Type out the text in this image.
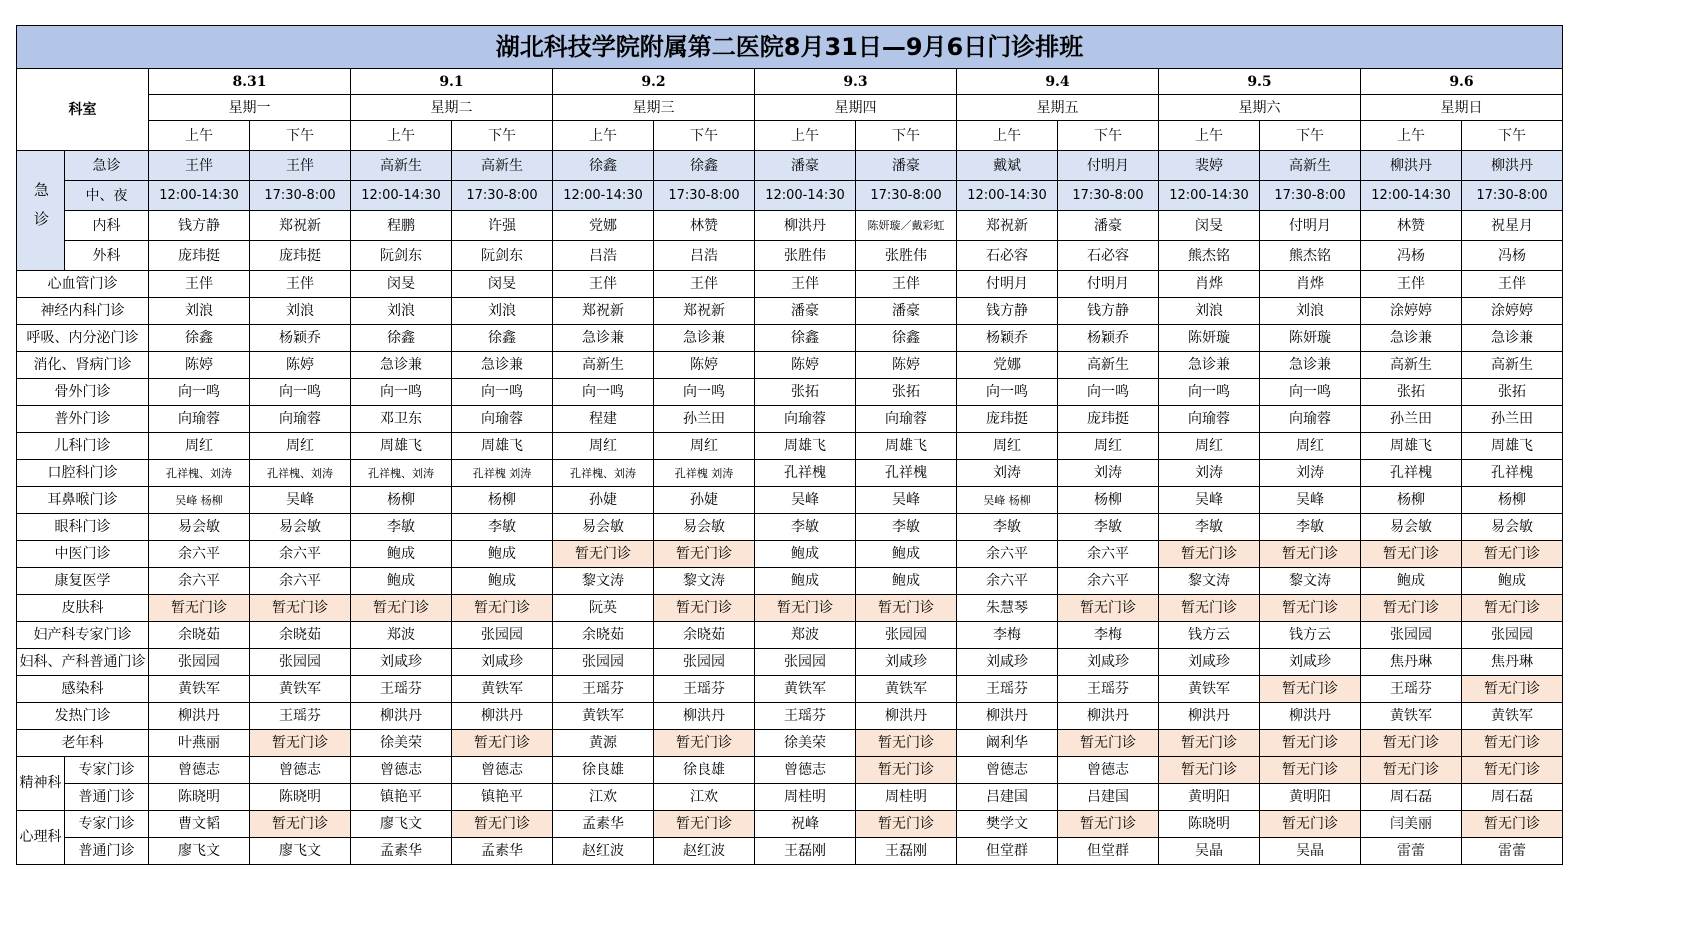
湖北科技学院附属第二医院8月31日—9月6日门诊排班															
科室		8.31		9.1		9.2		9.3		9.4		9.5		9.6	
		星期一		星期二		星期三		星期四		星期五		星期六		星期日	
		上午	下午	上午	下午	上午	下午	上午	下午	上午	下午	上午	下午	上午	下午
急诊	急诊	王伴	王伴	高新生	高新生	徐鑫	徐鑫	潘豪	潘豪	戴斌	付明月	裴婷	高新生	柳洪丹	柳洪丹
	中、夜	12:00-14:30	17:30-8:00	12:00-14:30	17:30-8:00	12:00-14:30	17:30-8:00	12:00-14:30	17:30-8:00	12:00-14:30	17:30-8:00	12:00-14:30	17:30-8:00	12:00-14:30	17:30-8:00
	内科	钱方静	郑祝新	程鹏	许强	党娜	林赞	柳洪丹	陈妍璇／戴彩虹	郑祝新	潘豪	闵旻	付明月	林赞	祝星月
	外科	庞玮挺	庞玮挺	阮剑东	阮剑东	吕浩	吕浩	张胜伟	张胜伟	石必容	石必容	熊杰铭	熊杰铭	冯杨	冯杨
心血管门诊		王伴	王伴	闵旻	闵旻	王伴	王伴	王伴	王伴	付明月	付明月	肖烨	肖烨	王伴	王伴
神经内科门诊		刘浪	刘浪	刘浪	刘浪	郑祝新	郑祝新	潘豪	潘豪	钱方静	钱方静	刘浪	刘浪	涂婷婷	涂婷婷
呼吸、内分泌门诊		徐鑫	杨颖乔	徐鑫	徐鑫	急诊兼	急诊兼	徐鑫	徐鑫	杨颖乔	杨颖乔	陈妍璇	陈妍璇	急诊兼	急诊兼
消化、肾病门诊		陈婷	陈婷	急诊兼	急诊兼	高新生	陈婷	陈婷	陈婷	党娜	高新生	急诊兼	急诊兼	高新生	高新生
骨外门诊		向一鸣	向一鸣	向一鸣	向一鸣	向一鸣	向一鸣	张拓	张拓	向一鸣	向一鸣	向一鸣	向一鸣	张拓	张拓
普外门诊		向瑜蓉	向瑜蓉	邓卫东	向瑜蓉	程建	孙兰田	向瑜蓉	向瑜蓉	庞玮挺	庞玮挺	向瑜蓉	向瑜蓉	孙兰田	孙兰田
儿科门诊		周红	周红	周雄飞	周雄飞	周红	周红	周雄飞	周雄飞	周红	周红	周红	周红	周雄飞	周雄飞
口腔科门诊		孔祥槐、刘涛	孔祥槐、刘涛	孔祥槐、刘涛	孔祥槐 刘涛	孔祥槐、刘涛	孔祥槐 刘涛	孔祥槐	孔祥槐	刘涛	刘涛	刘涛	刘涛	孔祥槐	孔祥槐
耳鼻喉门诊		吴峰 杨柳	吴峰	杨柳	杨柳	孙婕	孙婕	吴峰	吴峰	吴峰 杨柳	杨柳	吴峰	吴峰	杨柳	杨柳
眼科门诊		易会敏	易会敏	李敏	李敏	易会敏	易会敏	李敏	李敏	李敏	李敏	李敏	李敏	易会敏	易会敏
中医门诊		余六平	余六平	鲍成	鲍成	暂无门诊	暂无门诊	鲍成	鲍成	余六平	余六平	暂无门诊	暂无门诊	暂无门诊	暂无门诊
康复医学		余六平	余六平	鲍成	鲍成	黎文涛	黎文涛	鲍成	鲍成	余六平	余六平	黎文涛	黎文涛	鲍成	鲍成
皮肤科		暂无门诊	暂无门诊	暂无门诊	暂无门诊	阮英	暂无门诊	暂无门诊	暂无门诊	朱慧琴	暂无门诊	暂无门诊	暂无门诊	暂无门诊	暂无门诊
妇产科专家门诊		余晓茹	余晓茹	郑波	张园园	余晓茹	余晓茹	郑波	张园园	李梅	李梅	钱方云	钱方云	张园园	张园园
妇科、产科普通门诊		张园园	张园园	刘咸珍	刘咸珍	张园园	张园园	张园园	刘咸珍	刘咸珍	刘咸珍	刘咸珍	刘咸珍	焦丹琳	焦丹琳
感染科		黄铁军	黄铁军	王瑶芬	黄铁军	王瑶芬	王瑶芬	黄铁军	黄铁军	王瑶芬	王瑶芬	黄铁军	暂无门诊	王瑶芬	暂无门诊
发热门诊		柳洪丹	王瑶芬	柳洪丹	柳洪丹	黄铁军	柳洪丹	王瑶芬	柳洪丹	柳洪丹	柳洪丹	柳洪丹	柳洪丹	黄铁军	黄铁军
老年科		叶燕丽	暂无门诊	徐美荣	暂无门诊	黄源	暂无门诊	徐美荣	暂无门诊	阚利华	暂无门诊	暂无门诊	暂无门诊	暂无门诊	暂无门诊
精神科	专家门诊	曾德志	曾德志	曾德志	曾德志	徐良雄	徐良雄	曾德志	暂无门诊	曾德志	曾德志	暂无门诊	暂无门诊	暂无门诊	暂无门诊
	普通门诊	陈晓明	陈晓明	镇艳平	镇艳平	江欢	江欢	周桂明	周桂明	吕建国	吕建国	黄明阳	黄明阳	周石磊	周石磊
心理科	专家门诊	曹文韬	暂无门诊	廖飞文	暂无门诊	孟素华	暂无门诊	祝峰	暂无门诊	樊学文	暂无门诊	陈晓明	暂无门诊	闫美丽	暂无门诊
	普通门诊	廖飞文	廖飞文	孟素华	孟素华	赵红波	赵红波	王磊刚	王磊刚	但堂群	但堂群	吴晶	吴晶	雷蕾	雷蕾
